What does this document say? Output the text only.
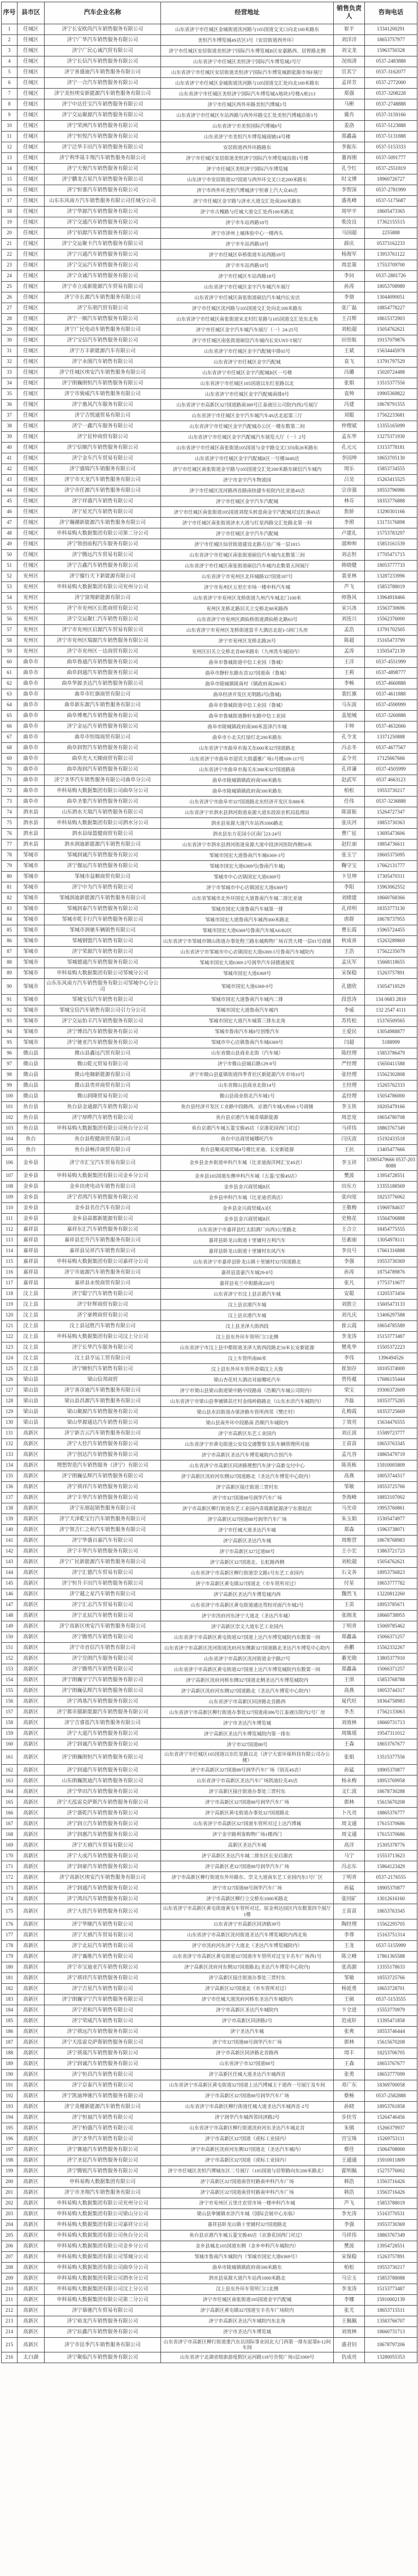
序号	县市区	汽车企业名称	经营地址	销售负责人	咨询电话
1	任城区	济宁长安欧尚汽车销售服务有限公司	山东省济宁市任城区金城街道洸河路与105国道交叉口向北100米路东	崔平	13341200291
2	任城区	济宁广华汽车销售服务有限公司	美恒汽车博览城4S店区3号（安居街道西外环）	刘洋洋	18653757977
3	任城区	济宁广民心诚汽贸有限公司	济宁市任城区安居街道美恒济宁国际汽车博览城B区安嘉路西、居智路北侧	刘文龙	15963750328
4	任城区	济宁长信汽车销售服务有限公司	山东省济宁市任城区美恒济宁国际汽车博览城2号厅	况雨清	0537-2483888
5	任城区	济宁喜盛迪汽车销售服务有限公司	山东省济宁市任城区安居街道美恒济宁国际汽车博览城新能源市场F展厅	官其宁	0537-3162077
6	任城区	济宁一合汽车销售服务有限公司	山东省济宁市任城区金城街道洸河路与105国道交汇处向北100米路东	孟祥芳	0537-2772000
7	任城区	济宁美恒埃安新能源汽车销售服务有限公司	山东省济宁市任城区美恒济宁国际汽车博览城A地块3号楼A座213	郑强	0537-3208228
8	任城区	济宁中达任宝汽车销售服务有限公司	济宁市任城区西外环路美恒汽博城1号	马彬	0537-2748888
9	任城区	济宁交运聚源汽车销售服务有限公司	山东省济宁市任城区车站西路与西外环路交汇处美恒汽博城沿街1号	冀肖	0537-3159166
10	任城区	济宁荣洲汽车销售服务有限公司	山东省济宁市美恒国际汽博城6号	姜洛	0537-5123888
11	任城区	济宁恒悦汽车销售服务有限公司	山东省济宁市美恒汽车博览城商铺14号楼	郑鑫淼	0537-5131888
12	任城区	济宁泛华丰田汽车销售服务有限公司	安居街道西外环路路东	李振东	0537-5153333
13	任城区	济宁利华晟丰翔汽车销售服务有限公司	济宁市任城区安居街道美恒济宁国际汽车博览城沿街1号楼	董再刚	0537-5091777
14	任城区	济宁天俊汽车销售服务有限公司	济宁市任城区美恒济宁国际汽车博览城	孔令红	0537-2551819
15	任城区	济宁鹏龙吉星汽车销售服务有限公司	山东济宁市安居街道327国道与西外环交叉口北200米路东	时文博	18960726727
16	任城区	济宁恒睿汽车销售服务有限公司	济宁市西外环美恒汽博城济宁恒睿上汽大众4S店	李智深	0537-2781999
17	任城区	山东东风南方汽车销售服务有限公司任城分公司	济宁市任城区金宇路与济水大道交汇处南200米路东	盛兆峰	0537-5175687
18	任城区	济宁华源汽车销售服务有限公司	济宁市古槐路与任城大道交汇处西100米路北	周甲平	18605473365
19	任城区	济宁交通汽车销售服务有限公司	济宁市车站西路18号	柴汝良	17362155515
20	任城区	济宁佰源汽车销售服务有限公司	济宁市济州上城体验中心一楼西头	马国超	2255888
21	任城区	济宁交运聚卡汽车销售服务有限公司	济宁市车站西路18号	薛庆	05373162233
22	任城区	济宁兴通汽车销售服务有限公司	济宁市任城区阜桥街道车站西路18号	杨海军	13953761122
23	任城区	济宁交运汽车销售服务有限公司	济宁市车站西路18号	周忠策	17553709700
24	任城区	济宁众诚汽车销售服务有限公司	济宁市任城区车站西路18号	李问	0537-2881726
25	任城区	济宁市立成新能源汽车贸易有限公司	山东省济宁市任城区金宇汽车城汽车展厅	孙涛	18053708989
26	任城区	济宁市长源汽车销售服务有限公司	山东省济宁市任城区南张街道硕信汽车城内长安店	李朋	13044090051
27	任城区	济宁东朋汽贸有限公司	济宁市任城区洸河路与105国道交汇处向北100米路东	张广磊	18854778227
28	任城区	济宁一顺汽车销售服务有限公司	山东省济宁市任城区南张街道宋北村红星路与105国道交汇处东北角	王召辉	18615372903
29	任城区	济宁广民电动车销售服务有限公司	济宁市任城区金宇汽车城汽车展厅（一）24-25号	刘松超	15054762621
30	任城区	济宁宝信汽车销售服务有限公司	济宁市任城区南张街道硕信汽车城内长安UNT-T展厅	田崇航	19157079876
31	任城区	济宁万丰新能源汽车有限公司	山东省济宁市任城区金宇汽配城中排05号	王斌	15634445978
32	任城区	济宁永图汽车销售有限公司	山东省济宁市任城区金宇汽配城	袁飞	13791797529
33	任城区	济宁任城区埃安汽车销售服务有限公司	山东省济宁市任城区金宇汽配城B区一号楼	冯璐	15020724488
34	任城区	济宁朗巍朗恒汽车销售服务有限公司	山东省济宁市任城区105国道以东红星路以北	张娟	13515377556
35	任城区	济宁市骏威汽车销售服务有限公司	山东省济宁市任城区金宇汽配城南排8号	袁帅	19905369822
36	任城区	济宁惠风汽车服务有限公司	山东省济宁市高新区327国道路南389号江泰液压公司院内西2号展厅	冯建	18678791555
37	任城区	济宁吉悦通贸易有限公司	山东省济宁市任城区金宇汽车城汽车4S店北起第三厅	刘聪	17562233681
38	任城区	济宁一鑫汽车服务有限公司	山东省济宁市任城区金宇汽配城办公区一楼东数第二间	仲理斌	13355165099
39	任城区	济宁昆仲商贸有限公司	山东省济宁市任城区金宇汽配城汽车展览大厅（一）2号	孟东华	13275371930
40	任城区	济宁信顺汽车销售服务有限公司	山东省济宁市任城区南张街道105国道与金宇路交叉口向南28米路东	孔元元	13153778181
41	任城区	济宁金车汽车贸易有限公司	山东省济宁市任城区金宇汽配城B区一号楼3#4S店	李国坤	18653705130
42	任城区	济宁盛瑞汽车销服务有限公司	济宁市任城区南张街道金宇路与105国道交汇处200米路东硕信汽车城内	周乐	15853734555
43	任城区	济宁市天龙汽车销售服务有限公司	济宁市金宇汽车物流园	吕昊	15263415525
44	任城区	济宁市任源汽车销售服务有限公司	济宁市任城区洸河路西首路南快捷车检院内比亚迪4S店	宗彦强	18553796986
45	任城区	济宁祥盛汽车销售有限公司	济宁市任城区金宇汽车汽配城	林芬	18353776888
46	任城区	济宁星光汽车销售有限公司	济宁市任城区南张街道105国道刘堤头转盘南金宇汽配城对过红旗4S店	焦娇	13290301166
47	任城区	济宁瀚潮新能源汽车销售服务有限公司	济宁市任城区南张街道济水大道与红星西路交汇处路北第一间	李照	13173176898
48	任城区	申科易购大数据集团有限公司第二分公司	济宁市任城区金宇汽车汽配城	卢建礼	15753783297
49	任城区	济宁领创前程汽车服务有限公司	济宁市任城区仙营街道建设北路万达广场一层1015	邵帅帅	15853161539
50	任城区	济宁腾远汽车贸易有限公司	山东省济宁市任城区南张街道硕信汽车城内北数第三间	刘志恒	17705471715
51	任城区	济宁吉鑫汽车销售服务有限公司	山东省济宁市任城区南张街道硕信汽车城内北数第五间展厅	韩晓健	18053777733
52	兖州区	济宁骝行天下新能源有限公司	山东省济宁市兖州区北环城路327国道187号	裴亚林	13287233996
53	兖州区	申科易购大数据集团有限公司兖州分公司	济宁市兖州区五里庄市场一楼申科汽车城	芦飞	15853788019
54	兖州区	济宁富翔新能源有限公司	山东省济宁市兖州区龙桥街道九州汽车城北门100米	师鲁风	13964918466
55	兖州区	济宁市兖州区长胜商贸有限公司	兖州区龙桥北路旧关立交桥北88米路西	宋兴冰	15563730696
56	兖州区	济宁交运聚仁汽车销售有限公司	山东省济宁市兖州区酒仙桥街道酒仙桥北路63号	刘连兴	15562376000
57	兖州区	济宁市兖州区启源汽车贸易有限公司	山东省济宁市兖州区龙桥街道富平大酒店北起1-5间门头房	孟浩	13791702505
58	兖州区	济宁市兖州区瑞源汽车销售服务有限公司	济宁市兖州区龙桥北路26号	陈超	15165473799
59	兖州区	济宁市兖州区一达商贸有限公司	兖州区旧关立交桥北首88米路东（九州洗车城园内）	孟涛	13505472139
60	曲阜市	曲阜鲁通汽车销售服务有限公司	曲阜市鲁城街道中信工业园（鲁城）	王洋	0537-4551999
61	曲阜市	曲阜润通汽车销售服务有限公司	曲阜市静轩东路东首327国道南（鲁城）	王莉	0537-4898777
62	曲阜市	曲阜华源圣达汽车销售服务有限公司	曲阜市陵城镇陵南村（镇政府南200米）	李畅	0537-4660888
63	曲阜市	曲阜市红旗商贸有限公司	曲阜经济开发区光明路2号(鲁城)	裴红旗	0537-4611888
64	曲阜市	曲阜新东源汽车销售服务有限公司	曲阜市鲁城街道中信工业园（鲁城）	马东波	0537-4590999
65	曲阜市	曲阜博奥汽车销售服务有限公司	曲阜市鲁城街道静轩东路中信工业园	盖旭城	0537-3260888
66	曲阜市	济宁金运汽车销售服务有限公司	曲阜市陵城镇政府南300米富泽汽车城	丰帅	0537-4632666
67	曲阜市	曲阜市恒瑞商贸有限公司	曲阜市小北关红绿灯北200米路东	孔令龙	13371250888
68	曲阜市	曲阜润智汽车销售服务有限公司	山东省济宁市曲阜市海关东600米327国道路北	冯志冬	0537-4677567
69	曲阜市	曲阜光大天顺商贸有限公司	山东省济宁市曲阜市迎宾大街盛雅广场1号楼109-117号	孟令亮	17125667666
70	曲阜市	曲阜海润汽车销售服务有限公司	山东省济宁市曲阜市海关东388米327国道路南	孔祥谦	0537-4505999
71	曲阜市	济宁圣华汽车销售服务有限公司曲阜分公司	曲阜市陵城镇镇政府南500米路东	赵武军	0537 4663123
72	曲阜市	申科易购大数据集团有限公司曲阜分公司	曲阜市陵城镇镇政府南500米路东	柏松	19553730217
73	曲阜市	曲阜圣象汽车销售服务有限公司	山东省济宁市曲阜市327国道路北东经济开发区东888米	任伟	0537-3236888
74	泗水县	山东泗水天瑞汽车销售服务有限公司	山东省济宁市泗水县泗河街道泉源大道东段原农机局监理站	陈富振	15264727347
75	泗水县	申科易购大数据集团有限公司泗水分公司	泗水县泉源大道汽车站西1000路北	张庆河	18853730363
76	泗水县	泗水县绿篮健商贸有限公司	泗水县东方花园小区南门23-24号	曹广征	13695473606
77	泗水县	泗水润迪新能源汽车销售有限公司	山东省济宁市泗水县泗河街道泉源大道中段济河医院西侧50米	赵红丽	18854736611
78	邹城市	邹城润诚汽车销售服务有限公司	邹城市国宏大道鲁南汽车城6369-3号	张玉宁	18605375095
79	邹城市	济宁伽运汽车销售服务有限公司	邹城市国宏大道6369号(鲁南汽车城)	鞠守宝	17662131777
80	邹城市	邹城市益顺商贸有限公司	邹城市中心店镇国宏大道6369号	卞昱坤	17305470311
81	邹城市	济宁中为汽车销售有限公司	济宁市邹城市中心店镇国宏大道6369号	李阳	15963062552
82	邹城市	邹城润迪新能源汽车销售服务有限公司	山东省邹城市北外环国宏大道鲁南汽车城二排比亚迪	刘绪建	18660768366
83	邹城市	邹城润泰汽车销售服务有限公司	邹城市国宏大道鲁南汽车城第一排	孔祥明	18353773130
84	邹城市	邹城市乾丰行汽车销售服务有限公司	邹城市国宏大道鲁南汽车城西300米路北	唐群	18678737955
85	邹城市	邹城市润驰车辆销售有限公司	邹城市国宏大道6369号鲁南汽车城A6/B2区	曹长霞	15965724455
86	邹城市	邹城钢盟汽车销售有限公司	山东省济宁市邹城市钢山街道办事处程兰路东城购物广场百货大楼一层01号商铺	秋成喜	15263289869
87	邹城市	济宁荣源汽车销售有限公司	山东省济宁市邹城市中心店镇国宏大道6369-5号鲁南汽车城院内	王浩	17562235079
88	邹城市	邹城德通汽车销售服务有限公司	邹城市国宏大道6369-2号润华汽车园德通展览	孟庆军	15668118655
89	邹城市	申科易购大数据集团有限公司邹城分公司	邹城市国宏大道6369号	宋保稳	15263757891
90	邹城市	山东东风南方汽车销售服务有限公司邹城中心分公司	邹城市国宏大道6369-9号	孔德欣	15054718529
91	邹城市	邹城宝信汽车销售有限公司	邹城市国宏大道鲁南汽车城内二排	段思涛	134 0683 2810
92	邹城市	邹城宝信汽车销售有限公司引力分公司	邹城市国宏大道鲁南汽车城内	李威	132 2547 4111
93	邹城市	济宁交运怡丰汽车销售服务有限公司	邹城市国宏大道汽车城第三排东北角	苏传松	15376509565
94	邹城市	济宁博昌汽车销售服务有限公司	邹城市鲁南汽车城8号创维汽车	王爱民	13054988877
95	邹城市	济宁驰亚汽车销售服务有限公司	邹城市中心店镇鲁南汽车城6369号	闫超	5188999
96	微山县	微山县鑫远汽贸有限公司	山东省微山县商业北街（汽车城）	陈经理	15853786479
97	微山县	微山乾元贸易有限公司	济宁市微山县城后路129-8号	严经理	15650411588
98	微山县	微山电咖新能源有限公司	济宁市微山县夏镇街道四季青社区新能源汽车市场10号	张经理	15562302808
99	微山县	微山县贵祥商贸有限公司	山东省微山县商业北街14号	王经理	15265762333
100	微山县	微山润隆贸易有限公司	微山县商业街北汽车城1号	孟经理	15054786000
101	鱼台县	鱼台县金通源汽车销售有限公司	鱼台县经济开发区工业路中段路西、京港汽车城A座68-1号商铺	李玉侠	18205479166
102	鱼台县	济宁厚晔汽车销售有限公司	鱼台县京港汽车城奇瑞新能源	周忠宽	18654780708
103	鱼台县	申科易购大数据集团有限公司鱼台分公司	鱼台京港汽车城五菱宝骏4S店（京港花园西门对过）	马祥伟	18863767349
104	鱼台	鱼台县程健商贸有限公司	鱼台中达商贸城哪吒汽车	闫庆波	15192433518
105	鱼台	鱼台县畅洋商贸有限公司	鱼台县聚成商贸城4号楼比亚迪、长安新能源	王抗	13405477666
106	金乡县	济宁市汇宝汽车贸易有限公司	金乡县金乡街道申科汽车城（比亚迪海洋网汇宝4S店）	李玉祥	13905479666 0537-2038088
107	金乡县	申科易购大数据集团有限公司金乡分公司	金乡县105国道东侧申科汽车城（五菱/宝骏4S店）	樊波	13954728551
108	金乡县	金乡田虎电动车销售有限公司	金乡县金兴商贸城B区	田东方	13355188569
109	金乡县	济宁君鸿汽车销售服务有限公司	金乡县申科汽车城（比亚迪君鸿店）	张向宽	18253776062
110	金乡县	金乡县名仕汽车有限公司	金乡县金兴商贸城A3区	王敬梅	15969784637
111	金乡县	金乡县蒜都新能源有限公司	金乡县金兴商贸城B区	史格花	15564706888
112	嘉祥县	嘉祥东汇汽车销售服务有限公司	山东省济宁市嘉祥县红太阳酒厂向西3公里路北	王合立	18454775555
113	嘉祥县	嘉祥县宏升汽车销售服务有限公司	嘉祥县卧龙山街道十里铺村吉利汽车	岳素丽	13054978111
114	嘉祥县	嘉祥县吴祥汽车销售有限公司	嘉祥县卧龙山街道十里铺村东风汽车	李良号	17661316888
115	嘉祥县	申科易购大数据集团有限公司嘉祥分公司	山东省济宁市嘉祥县卧龙山镇十里铺村327国道路北	李强	19553730369
116	嘉祥县	济宁市迪源汽车销售服务有限公司	嘉祥县富豪汽车城29-8号	孙涛	18754789876
117	嘉祥县	嘉祥县永悦商贸有限公司	嘉祥县兖兰中街路南220号	张凡	17753710677
118	汶上县	济宁聪宁汽车销售有限公司	山东省济宁市汶上县京港汽车城	安聪	13205373456
119	汶上县	济宁轩辉商贸有限公司	汶上县京港汽车城	刘敦立	15605473133
120	汶上县	济宁豪娉商贸有限公司	汶上县京港汽车城	刘凡庆	13406297588
121	汶上县	汶上县冠胜汽车销售有限公司	汶上县圣泽大街西段	崔云霞	18654785589
122	汶上县	申科易购大数据集团有限公司汶上分公司	汶上县东外环车管所门口北侧	李龙涛	15153773487
123	汶上县	济宁长华汽车服务有限公司	山东省济宁市汶上县中都街道圣泽大街西段路北50米长安新能源	樊兆华	15505372223
124	汶上县	汶上县亨运工贸有限公司	汶上车管所南88米	李伟	1396494526
125	汶上县	济宁顺恒汽车销售有限公司	汶上县东外环车管所奇瑞汶上天俊	崔加存	18105374000
126	梁山县	梁山信邦商贸	梁山杏花村大酒店对面哪吒汽车	贾传蕴	17686155444
127	梁山县	济宁喜彦迪汽车销售服务有限公司	济宁市梁山县梁山街道梁中路中段路南（浩顺汽车城公司院内）	荣宝	19306372609
128	梁山县	梁山县昌源汽车销售服务有限公司	山东省济宁市梁山县拳铺镇苗庄村金线岭路路北（山东水浒汽车城院内）	齐磊	18353775285
129	梁山县	梁山聚源汽车销售服务有限公司	梁山县水泊街道办梁济路车管所西邻（樊庄村）	孔梅霞	18353725669
130	梁山县	梁山华源通达汽车销售有限公司	梁山县南外环中段路南 浩顺汽车城院内	丁效亮	15634476555
131	高新区	济宁新吉云汽车销售服务有限公司	济宁市高新区东艺工业园内	刘正波	15589723777
132	高新区	济宁大佳汽车销售服务有限公司	山东省济宁市黄屯街道公安局交通警察支队车辆管理所对面	王苗苗	18653763345
133	高新区	济宁创达汽车销售服务有限公司	济宁市高新区圣达汽车博览城院内合创汽车	孟凡容	18865479719
134	高新区	理想智造汽车销售服务（济宁）有限公司	山东省济宁市高新区同济路理想汽车济宁高新交付中心	陈英栋	15910005809
135	高新区	济宁朗巍弘辉汽车销售服务有限公司	济宁高新区洸府河东侧327国道路北（圣达汽车博览中心院内）	高燕	18053744317
136	高新区	济宁祺祥汽车销售服务有限公司	济宁高新区接庄街道三贾村东	邹敏	18553725766
137	高新区	济宁丰华汽车销售服务有限公司	济宁市327国道88号润华汽车广场	李海峰	18853107002
138	高新区	济宁东朋起销售服务有限公司	济宁市高新区柳行街道东艺工业园内奇瑞新能源济宁东朋起店	马光帝	19953760861
139	高新区	济宁天泽乾宝行汽车销售服务有限公司	济宁高新区327国道88号润华汽车广场	朱玉娟	15305474977
140	高新区	济宁领吉仁之和汽车销售服务有限公司	济宁市任城大道圣达汽车城	郑森	15963738071
141	高新区	济宁华盛百嘉汽车有限公司	济宁高新区圣达汽车城	周维营	18678768983
142	高新区	济宁丰华汽车销售服务有限公司	济宁市高新区327过道88号	王小宏	13863721723
143	高新区	济宁广民新能源汽车销售服务有限公司	济宁高新区327国道北、长虹路西侧	刘松超	15054762621
144	高新区	济宁汇德汽车贸易有限公司	山东省济宁市高新区柳行街道崇文路1号东艺工业园内	石文各	18953756823
145	高新区	济宁恒升丰田汽车销售服务有限公司	济宁市高新区黄屯镇327国道北（市车管所对过）	付星	18653777782
146	高新区	济宁越之星汽车销售有限公司	济宁高新区圣达汽车博览城内西	魏然飞	13220812260
147	高新区	济宁汇志汽车贸易有限公司	山东省济宁市高新区黄屯街道通达驾校对面汽车城2号	王苗	18953785671
148	高新区	济宁北辰汽车销售有限公司	济宁市洸府河东济宁大道北（圣达汽车城）	张阁龙	18660738955
149	高新区	济宁高新区埃安汽车销售服务有限公司	济宁高新区崇文大道东艺工业园内	丁明青	15069785462
150	高新区	济宁腾势汽车销售有限公司	山东省济宁市高新区黄屯街道327国道上达汽车博览城院内东数第一间	郑鑫淼	15066371257
151	高新区	济宁市首信汽车销售有限公司	山东省济宁市高新区洸河街道洸府河东侧新327国道路北圣达汽车博览中心院内	孙鹏	15562332267
152	高新区	济宁昱朗汽车服务有限公司	山东省济宁市高新区洸河街道金宇路27号	綦光勋	13805377910
153	高新区	济宁腾势汽车销售有限公司	山东省济宁市高新区黄屯街道327国道上达汽车博览城院内东数第一间	郑鑫淼	15066371257
154	高新区	济宁朗巍宇宁汽车销售服务有限公司	济宁高新区洸府河桥东侧327国道北侧圣达汽车博览城院内	王颂	15853768788
155	高新区	济宁朗巍弘辉汽车销售服务有限公司	济宁高新区洸府河东侧327国道路北（圣达汽车博览中心院内）	高燕	18053744317
156	高新区	济宁鸿基汽车销售服务有限公司	山东省济宁市高新区同济路北首路西	晁代旺	18364758983
157	高新区	济宁都市猫新能源汽车销售服务有限公司	山东省济宁市高新区柳行街道办事处327国道南386号江泰液压院内2号厂房	李杰	17562133063
158	高新区	济宁吉睿蓝汽车销售服务有限公司	济宁市圣达汽车博览城	刘效林	18660731713
159	高新区	济宁大道汽车销售服务有限公司	济宁高新区圣达汽车博览城院内第一排东	周姝瑶	19547311012
160	高新区	济宁润诚汽车销售服务有限公司	济宁市327国道88号	王森	18653767677
161	高新区	济宁朗巍朗恒汽车销售服务有限公司	山东省济宁市任城区105国道以东红星路以北（济宁大雷环保科技有限公司办公楼）	张娟	13515377556
162	高新区	济宁润通汽车销售服务有限公司	济宁市高新区327国道88号润华汽车广场（别克4S店）	孙猛	18905370877
163	高新区	山东朗巍凯迪汽车销售服务有限公司	山东省济宁市高新区圣达汽车广场凯迪拉克4S店	杨永梅	18953769958
164	高新区	济宁华田汽车销售服务有限公司	济宁高新区接庄街道办事处三贾村东	文仁波	18678730288
165	高新区	济宁天泓雷克萨斯汽车销售服务有限公司	济宁市高新区327国道88号润华汽车广场	郭林	15615670208
166	高新区	济宁盛乾汽车销售服务有限公司	济宁高新区黄屯街道办事处327国道路北	卜凡亮	18865376777
167	高新区	济宁润立汽车销售服务有限公司	山东省济宁市高新区327国道车管所对过上达汽博城	周文通	17615370686
168	高新区	济宁润惠汽车销售服务有限公司	济宁金宇路利客购物广场1楼西门	周文通	17615370686
169	高新区	济宁天禧汽车贸易有限公司	高新区圣达汽车城	高洋	15305378776
170	高新区	济宁大成汽车销售服务有限公司	济宁高新区圣达汽车城二排东区长安启源店	马宁	15553713623
171	高新区	济宁润豪汽车销售服务有限公司	济宁高新区老327国道88号润华汽车广场	冯志东	15864123429
172	高新区	济宁高新区埃安汽车销售服务有限公司	济宁市高新区柳行街道东外环路东、崇文大道南东艺工业园内东1号厂区	丁明青	0537-2176555
173	高新区	济宁润通汽车销售服务有限公司	济宁市327国道88号润华汽车广场	孙猛	18905370877
174	高新区	济宁鸿昌汽车销售服务有限公司	济宁市高新区柳行立交桥东1000米路北	张同矿	13012616160
175	高新区	济宁大佳汽车销售服务有限公司	山东省济宁市高新区黄屯街道黄屯车管所对过，原金利达园区内东数第四个展厅1楼	王苗苗	18653763345
176	高新区	济宁华顺汽车销售有限公司	山东省济宁市高新区同济路39号	陶经理	15562295705
177	高新区	济宁天禧汽车贸易有限公司	山东省济宁市高新区洸河街道圣达汽车博览城院内西北角	李尊	15163751314
178	高新区	济宁北辰汽车销售有限公司	济宁市洸府河东济宁大道北（圣达汽车博览城院内）	王龙	0537-5155999
179	高新区	济宁襄维汽车销售有限公司	山东省济宁市高新区黄屯街道327国道市车管所对过宝丰名车广场西1号	陈立峰	17861365588
180	高新区	济宁市宝迪亚汽车销售有限公司	济宁高新区洸府河东侧327国道路北(圣达汽车博览中心院内)	张高源	13355178633
181	高新区	济宁祺祥汽车销售服务有限公司	济宁高新区接庄街道办事处三贾村东	邹敏	18553725766
182	高新区	济宁吉星汽车销售有限公司	济宁高新区327国道北（市车管所对过）	杨延勇	18653728701
183	高新区	济宁朗巍宇宁汽车销售服务有限公司	济宁市任城大道洸府河桥东圣达汽车城院内	王硕	0537-5153555
184	高新区	济宁君和汽车销售有限公司	济宁市高新区圣达汽车城院内	卞全进	15553770979
185	高新区	济宁荣威汽车销售有限公司	济宁市高新区同济路2号	范成轩	13395471858
186	高新区	济宁祺远汽车销售服务有限公司	济宁圣达汽车城	张爽	18553746444
187	高新区	济宁天泓雷克萨斯销售服务有限公司	济宁市327国道88号润华汽车广场	郭林	15615670208
188	高新区	济宁祺晟汽车销售服务有限公司	济宁市高新区同济路北首路西	周丰	18253706705
189	高新区	济宁润诚汽车销售服务有限公司	山东省济宁市327国道88号	王森	18653767677
190	高新区	济宁恒昌汽车销售有限公司	济宁高新区任城大道圣达汽车城西首	张勇	18653777099
191	高新区	济宁京泰汽车销售有限公司	山东省济宁市高新区黄屯街道327国道上达汽博城主干道西一号展厅及车间	邓广东	18369700058
192	高新区	济宁凯迪坤驰汽车销售服务有限公司	济宁市高新区327国道88号润华汽车广场	蔡畅	0537-2582888
193	高新区	济宁炎槿新能源汽车销售有限公司	山东省济宁市高新区柳行街道任城大道圣达汽车城西首-2号	孙晓	18953761858
194	高新区	济宁恒福汽车销售有限公司	济宁润华汽车城西邻同济路2号	步扶雪	15264746456
195	高新区	济宁柏盛汽车销售有限公司	山东省济宁市高新区柳行街道洸府河东圣达汽车城北首	朱镇	15266379937
196	高新区	济宁圣华汽车销售有限公司	济宁市高新区327国道（虎标工业园内）	宫宝珠	15269753111
197	高新区	济宁赛迪汽车销售服务有限公司	济宁市高新区洸府河东侧327国道北（圣达汽车城内）	蔡佳	15064708000
198	高新区	济宁圣昆汽车销售服务有限公司	济宁市高新区327国道（虎标工业园内）	王通通	15910011809
199	高新区	济宁腾锐汽车销售服务有限公司	济宁市任城区美恒汽博城东区二号展厅（105国道与居智路向东200米路北）	霍明佩	15275776002
200	高新区	申科易购大数据集团有限公司	济宁高新区327国道南营村路南申科汽车广场	韩浩	13563716426
201	高新区	济宁市圣翔汽车销售服务有限公司	济宁高新区327国道南营村路南申科汽车广场	韩浩	13563716426
202	高新区	申科易购大数据集团有限公司兖州分公司	济宁市兖州区五里庄农贸市场一楼申科汽车城	芦飞	15853788019
203	高新区	申科易购大数据集团有限公司梁山分公司	梁山县拳铺镇水浒汽车城（国际会展中心东临）	李允涛	15163770531
204	高新区	申科易购大数据集团有限公司嘉祥分公司	嘉祥县卧龙山镇十里铺村327国道路北	李强	19553730369
205	高新区	申科易购大数据集团有限公司鱼台分公司	鱼台县京港汽车城五菱宝骏4S店（京港花园西门对过）	马祥伟	18863767349
206	高新区	申科易购大数据集团有限公司金乡分公司	金乡县城北105国道东侧（金乡申科汽车城院内）	樊波	13954728551
207	高新区	申科易购大数据集团有限公司邹城分公司	邹城市鲁南汽车城院内（邹城市国宏大道6369号）	宋保稳	15263757891
208	高新区	申科易购大数据集团有限公司曲阜分公司	曲阜市陵城镇镇政府南500米路东	柏松	19553730217
209	高新区	申科易购大数据集团有限公司泗水分公司	泗水县泉源大道汽车站西1000米路北	马宗玉	15853788088
210	高新区	申科易购大数据集团有限公司汶上分公司	汶上县东外环车管所门口北侧	李龙涛	15153773487
211	高新区	申科易购大数据集团有限公司第二分公司	济宁市任城区南张街道105国道金宇汽配城	李娜	15910002139
212	高新区	济宁慕驰汽车贸易有限公司	济宁高新区黄屯镇327国道宝丰名车广场院内	张尤	18653715511
213	高新区	济宁裕龙汽车销售服务有限公司	济宁市高新区圣达汽车城院内东北角	王佩佩	13583766707
214	高新区	济宁辰鑫汽车销售服务有限公司	济宁市圣达汽车博览城	刘效林	18660731713
215	高新区	济宁市昆季汽车销售服务有限公司	山东省济宁市高新区柳行街道重汽东岳国际事业园北大门西第一排东起第8-12间车间	盛君钊	18678797206
216	太白湖	济宁聚临汽车销售服务有限公司	山东省济宁北湖省级旅游度假区运河路118号吾悦广场1层1069号	仇成亮	13280055353
